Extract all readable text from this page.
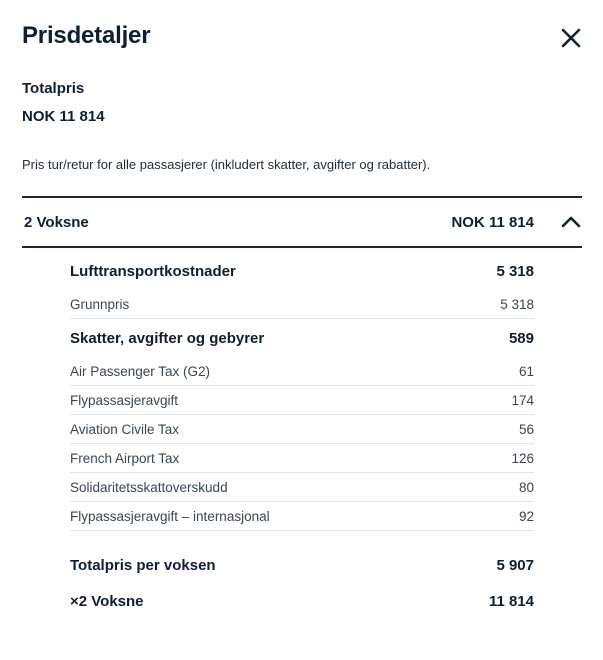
Prisdetaljer
Totalpris
NOK 11 814
Pris tur/retur for alle passasjerer (inkludert skatter, avgifter og rabatter).
2 Voksne	NOK 11 814
Lufttransportkostnader	5 318
Grunnpris	5 318
Skatter, avgifter og gebyrer	589
Air Passenger Tax (G2)	61
Flypassasjeravgift	174
Aviation Civile Tax	56
French Airport Tax	126
Solidaritetsskattoverskudd	80
Flypassasjeravgift – internasjonal	92
Totalpris per voksen	5 907
×2 Voksne	11 814
